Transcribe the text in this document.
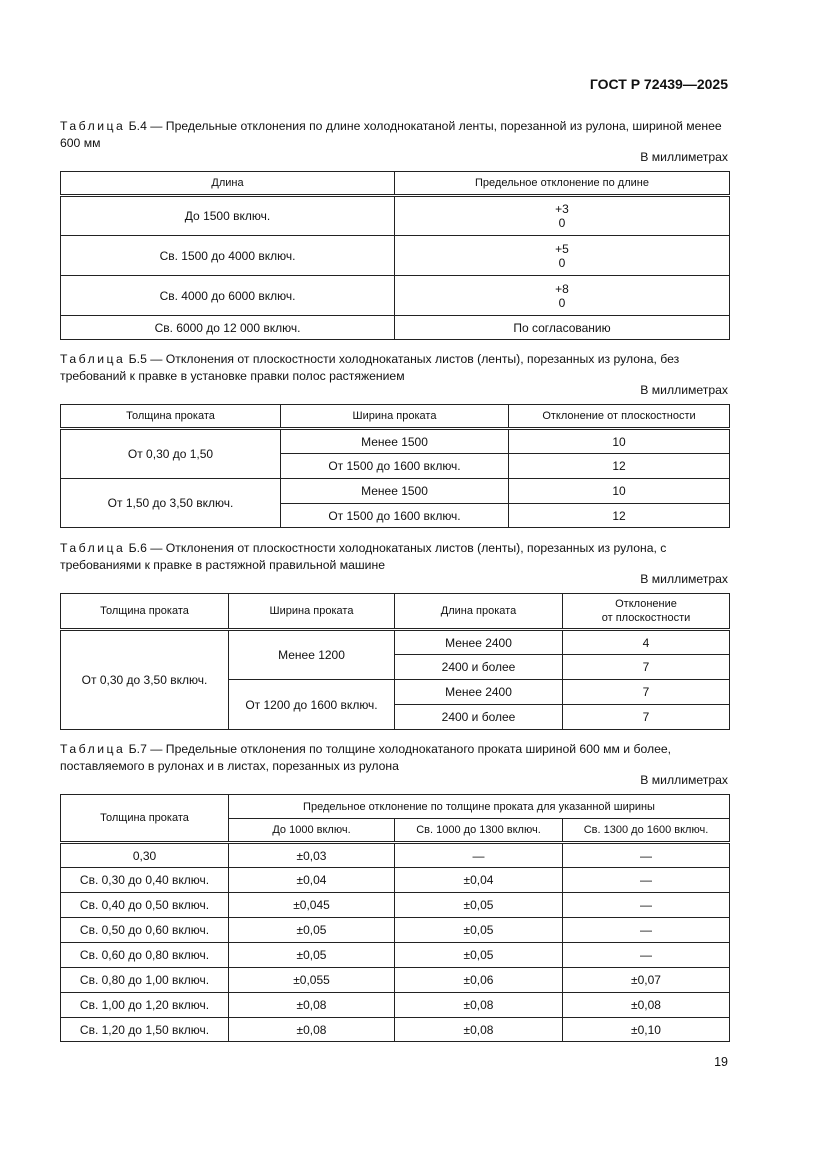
ГОСТ Р 72439—2025
Таблица Б.4 — Предельные отклонения по длине холоднокатаной ленты, порезанной из рулона, шириной менее 600 мм
В миллиметрах
Длина	Предельное отклонение по длине
До 1500 включ.	+3
0
Св. 1500 до 4000 включ.	+5
0
Св. 4000 до 6000 включ.	+8
0
Св. 6000 до 12 000 включ.	По согласованию
Таблица Б.5 — Отклонения от плоскостности холоднокатаных листов (ленты), порезанных из рулона, без требований к правке в установке правки полос растяжением
В миллиметрах
Толщина проката	Ширина проката	Отклонение от плоскостности
От 0,30 до 1,50	Менее 1500	10
	От 1500 до 1600 включ.	12
От 1,50 до 3,50 включ.	Менее 1500	10
	От 1500 до 1600 включ.	12
Таблица Б.6 — Отклонения от плоскостности холоднокатаных листов (ленты), порезанных из рулона, с требованиями к правке в растяжной правильной машине
В миллиметрах
Толщина проката	Ширина проката	Длина проката	Отклонение
от плоскостности
От 0,30 до 3,50 включ.	Менее 1200	Менее 2400	4
		2400 и более	7
	От 1200 до 1600 включ.	Менее 2400	7
		2400 и более	7
Таблица Б.7 — Предельные отклонения по толщине холоднокатаного проката шириной 600 мм и более, поставляемого в рулонах и в листах, порезанных из рулона
В миллиметрах
Толщина проката	Предельное отклонение по толщине проката для указанной ширины		
	До 1000 включ.	Св. 1000 до 1300 включ.	Св. 1300 до 1600 включ.
0,30	±0,03	—	—
Св. 0,30 до 0,40 включ.	±0,04	±0,04	—
Св. 0,40 до 0,50 включ.	±0,045	±0,05	—
Св. 0,50 до 0,60 включ.	±0,05	±0,05	—
Св. 0,60 до 0,80 включ.	±0,05	±0,05	—
Св. 0,80 до 1,00 включ.	±0,055	±0,06	±0,07
Св. 1,00 до 1,20 включ.	±0,08	±0,08	±0,08
Св. 1,20 до 1,50 включ.	±0,08	±0,08	±0,10
19
